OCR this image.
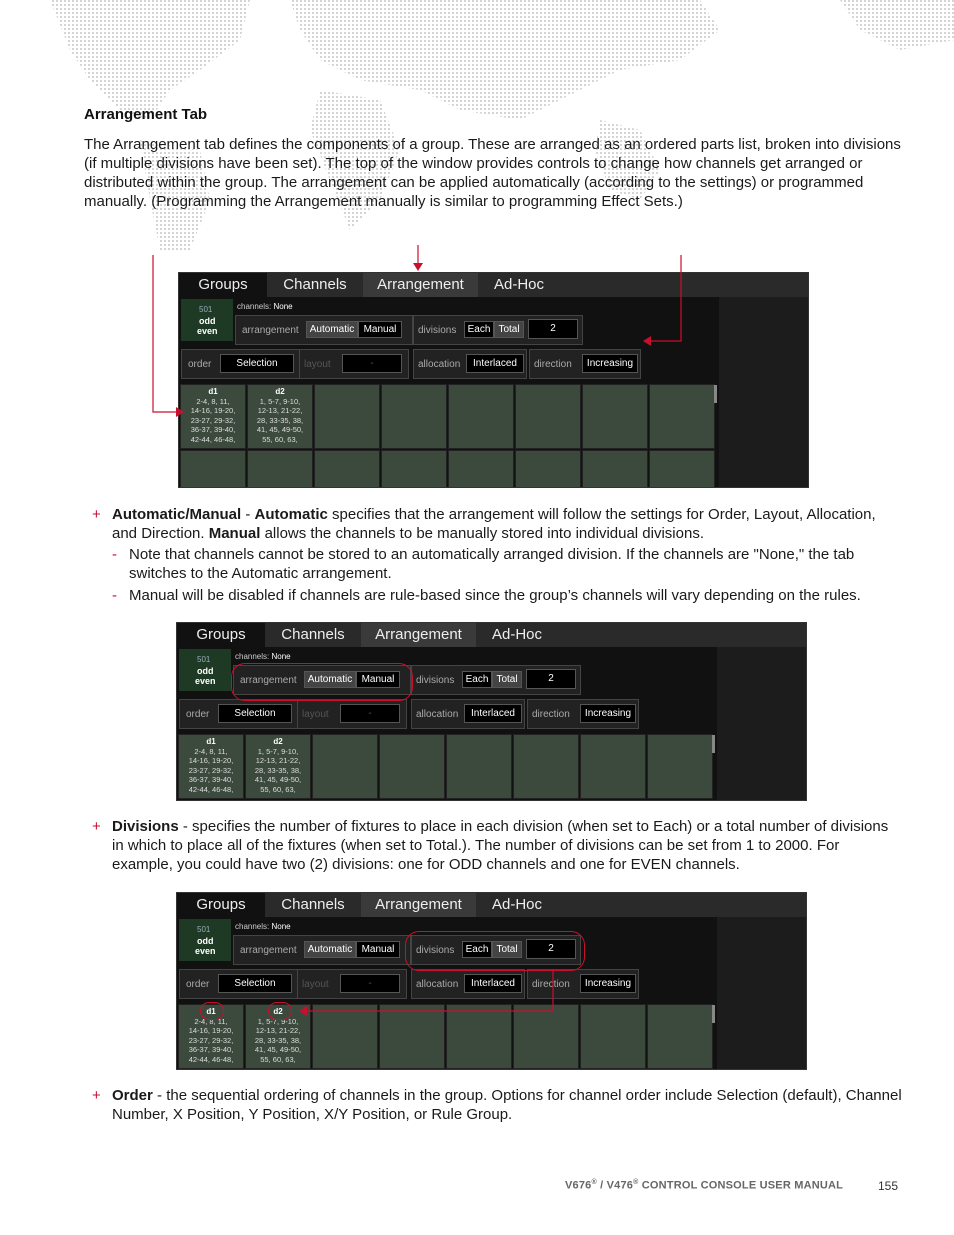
Arrangement Tab

The Arrangement tab defines the components of a group. These are arranged as an ordered parts list, broken into divisions (if multiple divisions have been set). The top of the window provides controls to change how channels get arranged or distributed within the group. The arrangement can be applied automatically (according to the settings) or programmed manually. (Programming the Arrangement manually is similar to programming Effect Sets.)

Groups	Channels	Arrangement	Ad-Hoc
501
odd
even
channels: None
arrangement	Automatic Manual	divisions	Each Total	2
order	Selection	layout	-	allocation	Interlaced	direction	Increasing
d1
2-4, 8, 11,
14-16, 19-20,
23-27, 29-32,
36-37, 39-40,
42-44, 46-48,
d2
1, 5-7, 9-10,
12-13, 21-22,
28, 33-35, 38,
41, 45, 49-50,
55, 60, 63,
+ Automatic/Manual - Automatic specifies that the arrangement will follow the settings for Order, Layout, Allocation, and Direction. Manual allows the channels to be manually stored into individual divisions.
- Note that channels cannot be stored to an automatically arranged division. If the channels are "None," the tab switches to the Automatic arrangement.
- Manual will be disabled if channels are rule-based since the group’s channels will vary depending on the rules.
Groups	Channels	Arrangement	Ad-Hoc
501
odd
even
channels: None
arrangement	Automatic Manual	divisions	Each Total	2
order	Selection	layout	-	allocation	Interlaced	direction	Increasing
d1
2-4, 8, 11,
14-16, 19-20,
23-27, 29-32,
36-37, 39-40,
42-44, 46-48,
d2
1, 5-7, 9-10,
12-13, 21-22,
28, 33-35, 38,
41, 45, 49-50,
55, 60, 63,
+ Divisions - specifies the number of fixtures to place in each division (when set to Each) or a total number of divisions in which to place all of the fixtures (when set to Total.). The number of divisions can be set from 1 to 2000. For example, you could have two (2) divisions: one for ODD channels and one for EVEN channels.
Groups	Channels	Arrangement	Ad-Hoc
501
odd
even
channels: None
arrangement	Automatic Manual	divisions	Each Total	2
order	Selection	layout	-	allocation	Interlaced	direction	Increasing
d1
2-4, 8, 11,
14-16, 19-20,
23-27, 29-32,
36-37, 39-40,
42-44, 46-48,
d2
1, 5-7, 9-10,
12-13, 21-22,
28, 33-35, 38,
41, 45, 49-50,
55, 60, 63,
+ Order - the sequential ordering of channels in the group. Options for channel order include Selection (default), Channel Number, X Position, Y Position, X/Y Position, or Rule Group.
V676® / V476® CONTROL CONSOLE USER MANUAL	155
